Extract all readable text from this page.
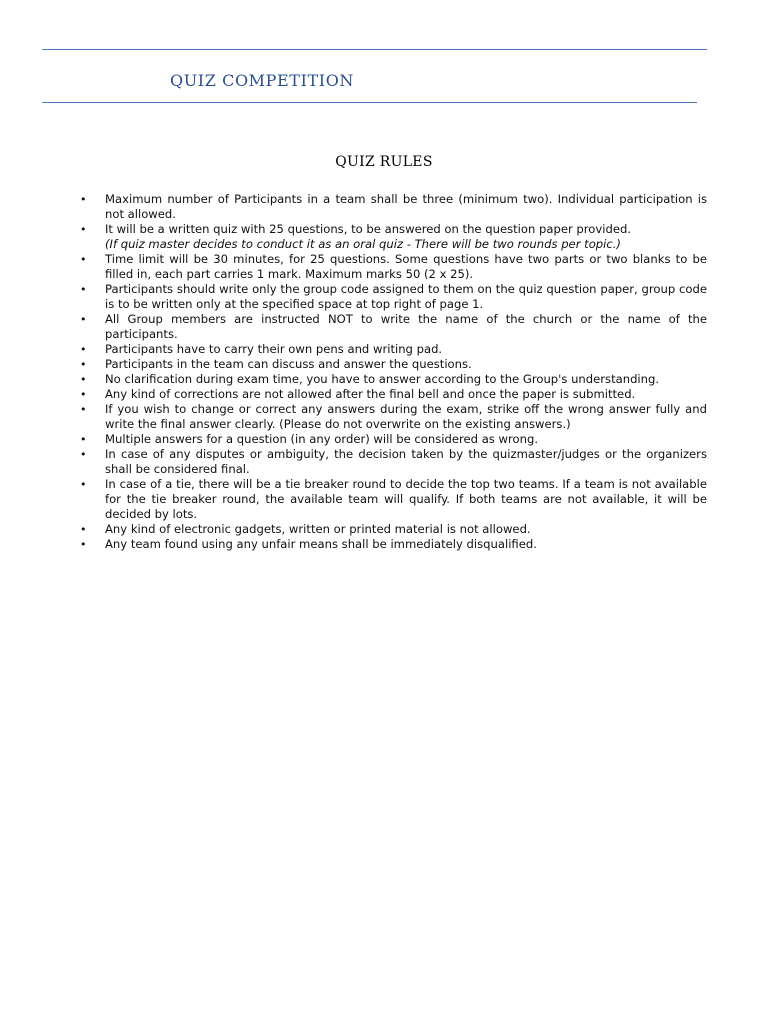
QUIZ COMPETITION
QUIZ RULES
• Maximum number of Participants in a team shall be three (minimum two). Individual participation is not allowed.
• It will be a written quiz with 25 questions, to be answered on the question paper provided.
(If quiz master decides to conduct it as an oral quiz - There will be two rounds per topic.)
• Time limit will be 30 minutes, for 25 questions. Some questions have two parts or two blanks to be filled in, each part carries 1 mark. Maximum marks 50 (2 x 25).
• Participants should write only the group code assigned to them on the quiz question paper, group code is to be written only at the specified space at top right of page 1.
• All Group members are instructed NOT to write the name of the church or the name of the participants.
• Participants have to carry their own pens and writing pad.
• Participants in the team can discuss and answer the questions.
• No clarification during exam time, you have to answer according to the Group's understanding.
• Any kind of corrections are not allowed after the final bell and once the paper is submitted.
• If you wish to change or correct any answers during the exam, strike off the wrong answer fully and write the final answer clearly. (Please do not overwrite on the existing answers.)
• Multiple answers for a question (in any order) will be considered as wrong.
• In case of any disputes or ambiguity, the decision taken by the quizmaster/judges or the organizers shall be considered final.
• In case of a tie, there will be a tie breaker round to decide the top two teams. If a team is not available for the tie breaker round, the available team will qualify. If both teams are not available, it will be decided by lots.
• Any kind of electronic gadgets, written or printed material is not allowed.
• Any team found using any unfair means shall be immediately disqualified.
